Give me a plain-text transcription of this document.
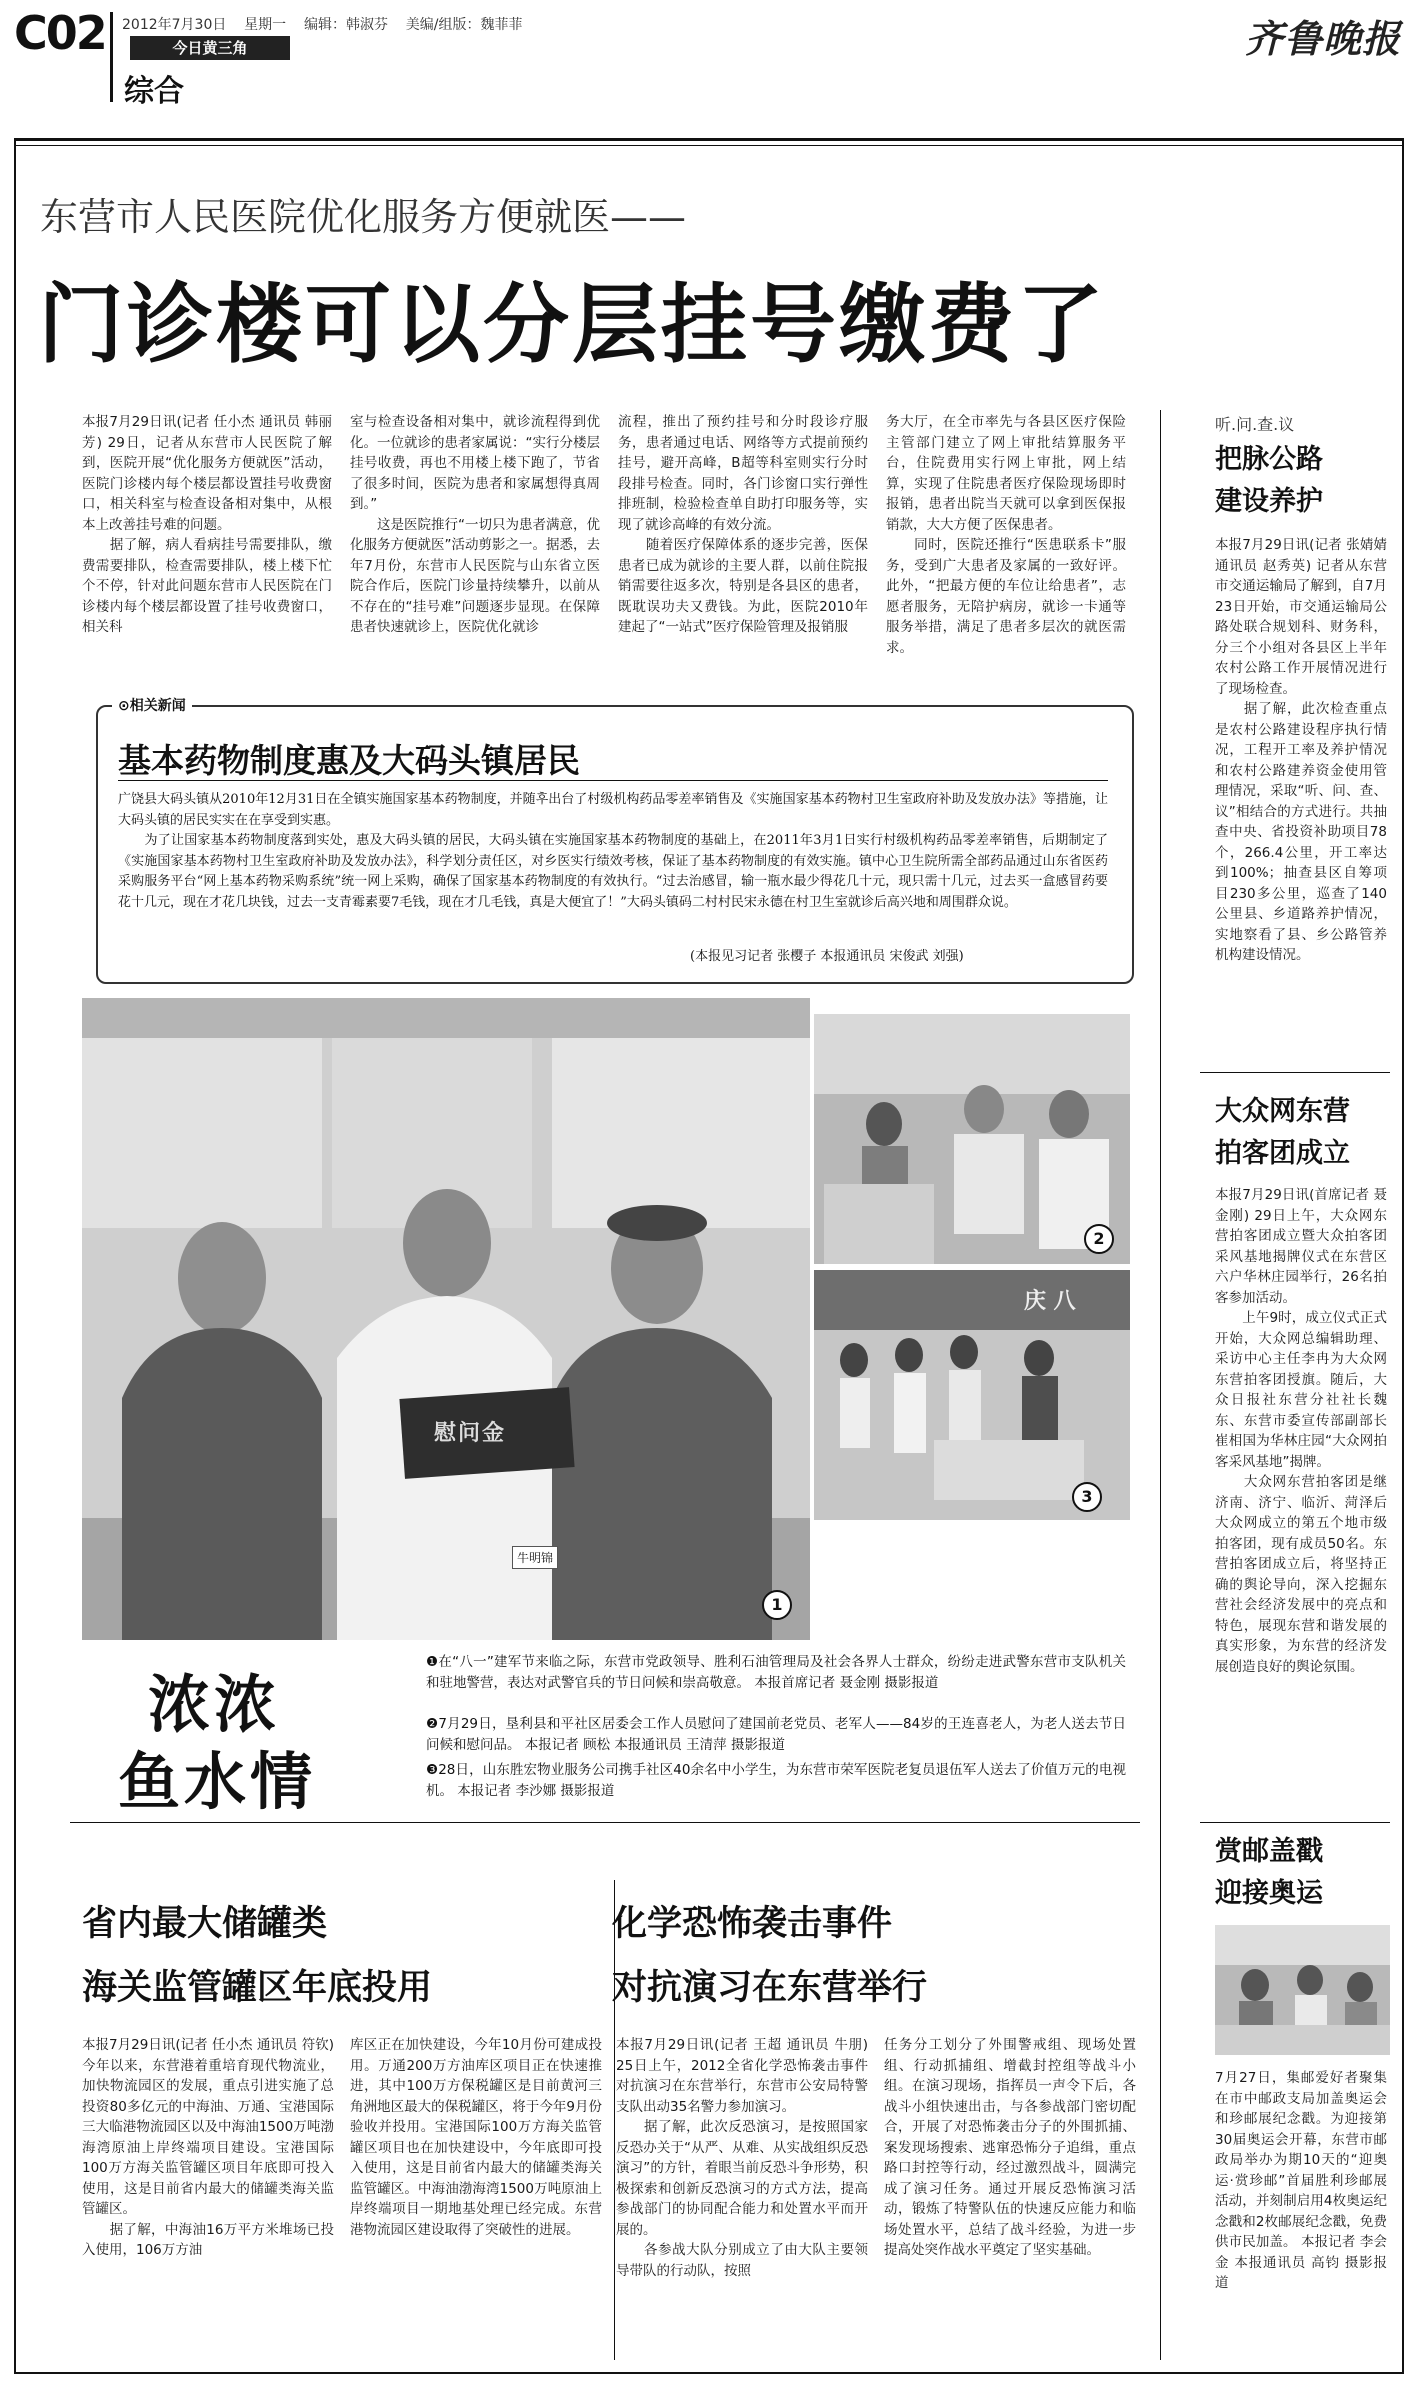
C02 2012年7月30日 星期一 编辑：韩淑芬 美编/组版：魏菲菲
今日黄三角
综合
齐鲁晚报
东营市人民医院优化服务方便就医——
门诊楼可以分层挂号缴费了
本报7月29日讯(记者 任小杰 通讯员 韩丽芳) 29日，记者从东营市人民医院了解到，医院开展“优化服务方便就医”活动，医院门诊楼内每个楼层都设置挂号收费窗口，相关科室与检查设备相对集中，从根本上改善挂号难的问题。
　　据了解，病人看病挂号需要排队，缴费需要排队，检查需要排队，楼上楼下忙个不停，针对此问题东营市人民医院在门诊楼内每个楼层都设置了挂号收费窗口，相关科
室与检查设备相对集中，就诊流程得到优化。一位就诊的患者家属说：“实行分楼层挂号收费，再也不用楼上楼下跑了，节省了很多时间，医院为患者和家属想得真周到。”
　　这是医院推行“一切只为患者满意，优化服务方便就医”活动剪影之一。据悉，去年7月份，东营市人民医院与山东省立医院合作后，医院门诊量持续攀升，以前从不存在的“挂号难”问题逐步显现。在保障患者快速就诊上，医院优化就诊
流程，推出了预约挂号和分时段诊疗服务，患者通过电话、网络等方式提前预约挂号，避开高峰，B超等科室则实行分时段排号检查。同时，各门诊窗口实行弹性排班制，检验检查单自助打印服务等，实现了就诊高峰的有效分流。
　　随着医疗保障体系的逐步完善，医保患者已成为就诊的主要人群，以前住院报销需要往返多次，特别是各县区的患者，既耽误功夫又费钱。为此，医院2010年建起了“一站式”医疗保险管理及报销服
务大厅，在全市率先与各县区医疗保险主管部门建立了网上审批结算服务平台，住院费用实行网上审批，网上结算，实现了住院患者医疗保险现场即时报销，患者出院当天就可以拿到医保报销款，大大方便了医保患者。
　　同时，医院还推行“医患联系卡”服务，受到广大患者及家属的一致好评。此外，“把最方便的车位让给患者”，志愿者服务，无陪护病房，就诊一卡通等服务举措，满足了患者多层次的就医需求。
⊙相关新闻
基本药物制度惠及大码头镇居民
广饶县大码头镇从2010年12月31日在全镇实施国家基本药物制度，并随후出台了村级机构药品零差率销售及《实施国家基本药物村卫生室政府补助及发放办法》等措施，让大码头镇的居民实实在在享受到实惠。
　　为了让国家基本药物制度落到实处，惠及大码头镇的居民，大码头镇在实施国家基本药物制度的基础上，在2011年3月1日实行村级机构药品零差率销售，后期制定了《实施国家基本药物村卫生室政府补助及发放办法》，科学划分责任区，对乡医实行绩效考核，保证了基本药物制度的有效实施。镇中心卫生院所需全部药品通过山东省医药采购服务平台“网上基本药物采购系统”统一网上采购，确保了国家基本药物制度的有效执行。“过去治感冒，输一瓶水最少得花几十元，现只需十几元，过去买一盒感冒药要花十几元，现在才花几块钱，过去一支青霉素要7毛钱，现在才几毛钱，真是大便宜了！”大码头镇码二村村民宋永德在村卫生室就诊后高兴地和周围群众说。
(本报见习记者 张樱子 本报通讯员 宋俊武 刘强)
慰问金
牛明锦
1
2
庆 八
3
浓浓
鱼水情
❶在“八一”建军节来临之际，东营市党政领导、胜利石油管理局及社会各界人士群众，纷纷走进武警东营市支队机关和驻地警营，表达对武警官兵的节日问候和崇高敬意。 本报首席记者 聂金刚 摄影报道
❷7月29日，垦利县和平社区居委会工作人员慰问了建国前老党员、老军人——84岁的王连喜老人，为老人送去节日问候和慰问品。 本报记者 顾松 本报通讯员 王清萍 摄影报道
❸28日，山东胜宏物业服务公司携手社区40余名中小学生，为东营市荣军医院老复员退伍军人送去了价值万元的电视机。 本报记者 李沙娜 摄影报道
省内最大储罐类
海关监管罐区年底投用
本报7月29日讯(记者 任小杰 通讯员 符钦) 今年以来，东营港着重培育现代物流业，加快物流园区的发展，重点引进实施了总投资80多亿元的中海油、万通、宝港国际三大临港物流园区以及中海油1500万吨渤海湾原油上岸终端项目建设。宝港国际100万方海关监管罐区项目年底即可投入使用，这是目前省内最大的储罐类海关监管罐区。
　　据了解，中海油16万平方米堆场已投入使用，106万方油
库区正在加快建设，今年10月份可建成投用。万通200万方油库区项目正在快速推进，其中100万方保税罐区是目前黄河三角洲地区最大的保税罐区，将于今年9月份验收并投用。宝港国际100万方海关监管罐区项目也在加快建设中，今年底即可投入使用，这是目前省内最大的储罐类海关监管罐区。中海油渤海湾1500万吨原油上岸终端项目一期地基处理已经完成。东营港物流园区建设取得了突破性的进展。
化学恐怖袭击事件
对抗演习在东营举行
本报7月29日讯(记者 王超 通讯员 牛朋) 25日上午，2012全省化学恐怖袭击事件对抗演习在东营举行，东营市公安局特警支队出动35名警力参加演习。
　　据了解，此次反恐演习，是按照国家反恐办关于“从严、从难、从实战组织反恐演习”的方针，着眼当前反恐斗争形势，积极探索和创新反恐演习的方式方法，提高参战部门的协同配合能力和处置水平而开展的。
　　各参战大队分别成立了由大队主要领导带队的行动队，按照
任务分工划分了外围警戒组、现场处置组、行动抓捕组、增截封控组等战斗小组。在演习现场，指挥员一声令下后，各战斗小组快速出击，与各参战部门密切配合，开展了对恐怖袭击分子的外围抓捕、案发现场搜索、逃窜恐怖分子追缉，重点路口封控等行动，经过激烈战斗，圆满完成了演习任务。通过开展反恐怖演习活动，锻炼了特警队伍的快速反应能力和临场处置水平，总结了战斗经验，为进一步提高处突作战水平奠定了坚实基础。
听.问.查.议
把脉公路
建设养护
本报7月29日讯(记者 张婧婧 通讯员 赵秀英) 记者从东营市交通运输局了解到，自7月23日开始，市交通运输局公路处联合规划科、财务科，分三个小组对各县区上半年农村公路工作开展情况进行了现场检查。
　　据了解，此次检查重点是农村公路建设程序执行情况，工程开工率及养护情况和农村公路建养资金使用管理情况，采取“听、问、查、议”相结合的方式进行。共抽查中央、省投资补助项目78个，266.4公里，开工率达到100%；抽查县区自筹项目230多公里，巡查了140公里县、乡道路养护情况，实地察看了县、乡公路管养机构建设情况。
大众网东营
拍客团成立
本报7月29日讯(首席记者 聂金刚) 29日上午，大众网东营拍客团成立暨大众拍客团采风基地揭牌仪式在东营区六户华林庄园举行，26名拍客参加活动。
　　上午9时，成立仪式正式开始，大众网总编辑助理、采访中心主任李冉为大众网东营拍客团授旗。随后，大众日报社东营分社社长魏东、东营市委宣传部副部长崔相国为华林庄园“大众网拍客采风基地”揭牌。
　　大众网东营拍客团是继济南、济宁、临沂、菏泽后大众网成立的第五个地市级拍客团，现有成员50名。东营拍客团成立后，将坚持正确的舆论导向，深入挖掘东营社会经济发展中的亮点和特色，展现东营和谐发展的真实形象，为东营的经济发展创造良好的舆论氛围。
赏邮盖戳
迎接奥运
7月27日，集邮爱好者聚集在市中邮政支局加盖奥运会和珍邮展纪念戳。为迎接第30届奥运会开幕，东营市邮政局举办为期10天的“迎奥运·赏珍邮”首届胜利珍邮展活动，并刻制启用4枚奥运纪念戳和2枚邮展纪念戳，免费供市民加盖。 本报记者 李会金 本报通讯员 高钧 摄影报道
